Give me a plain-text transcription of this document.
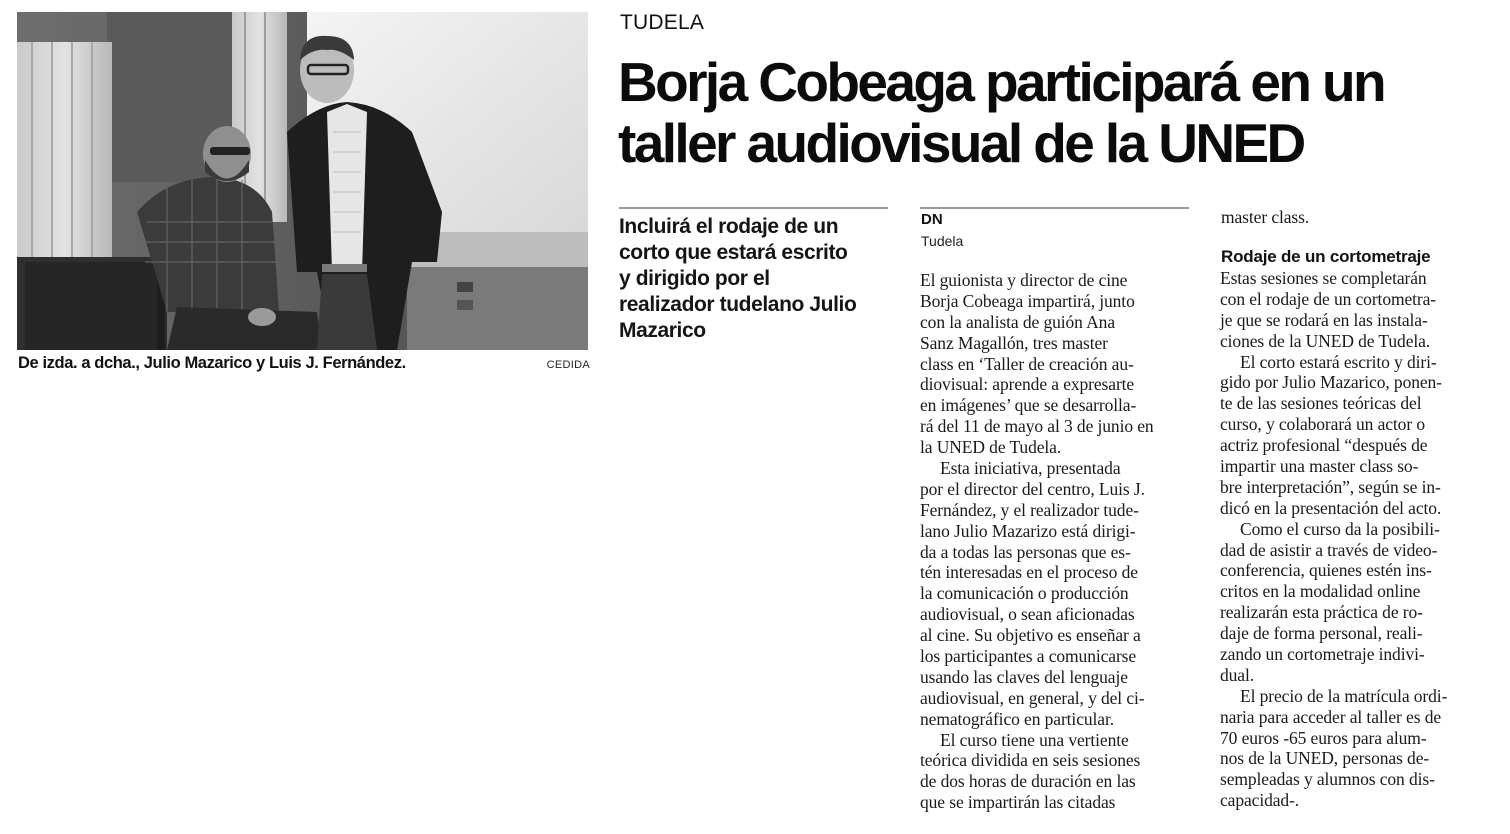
De izda. a dcha., Julio Mazarico y Luis J. Fernández.	CEDIDA
TUDELA
Borja Cobeaga participará en un
taller audiovisual de la UNED
Incluirá el rodaje de un
corto que estará escrito
y dirigido por el
realizador tudelano Julio
Mazarico
DN
Tudela
El guionista y director de cine
Borja Cobeaga impartirá, junto
con la analista de guión Ana
Sanz Magallón, tres master
class en ‘Taller de creación au-
diovisual: aprende a expresarte
en imágenes’ que se desarrolla-
rá del 11 de mayo al 3 de junio en
la UNED de Tudela.
Esta iniciativa, presentada
por el director del centro, Luis J.
Fernández, y el realizador tude-
lano Julio Mazarizo está dirigi-
da a todas las personas que es-
tén interesadas en el proceso de
la comunicación o producción
audiovisual, o sean aficionadas
al cine. Su objetivo es enseñar a
los participantes a comunicarse
usando las claves del lenguaje
audiovisual, en general, y del ci-
nematográfico en particular.
El curso tiene una vertiente
teórica dividida en seis sesiones
de dos horas de duración en las
que se impartirán las citadas
master class.
Rodaje de un cortometraje
Estas sesiones se completarán
con el rodaje de un cortometra-
je que se rodará en las instala-
ciones de la UNED de Tudela.
El corto estará escrito y diri-
gido por Julio Mazarico, ponen-
te de las sesiones teóricas del
curso, y colaborará un actor o
actriz profesional “después de
impartir una master class so-
bre interpretación”, según se in-
dicó en la presentación del acto.
Como el curso da la posibili-
dad de asistir a través de video-
conferencia, quienes estén ins-
critos en la modalidad online
realizarán esta práctica de ro-
daje de forma personal, reali-
zando un cortometraje indivi-
dual.
El precio de la matrícula ordi-
naria para acceder al taller es de
70 euros -65 euros para alum-
nos de la UNED, personas de-
sempleadas y alumnos con dis-
capacidad-.
